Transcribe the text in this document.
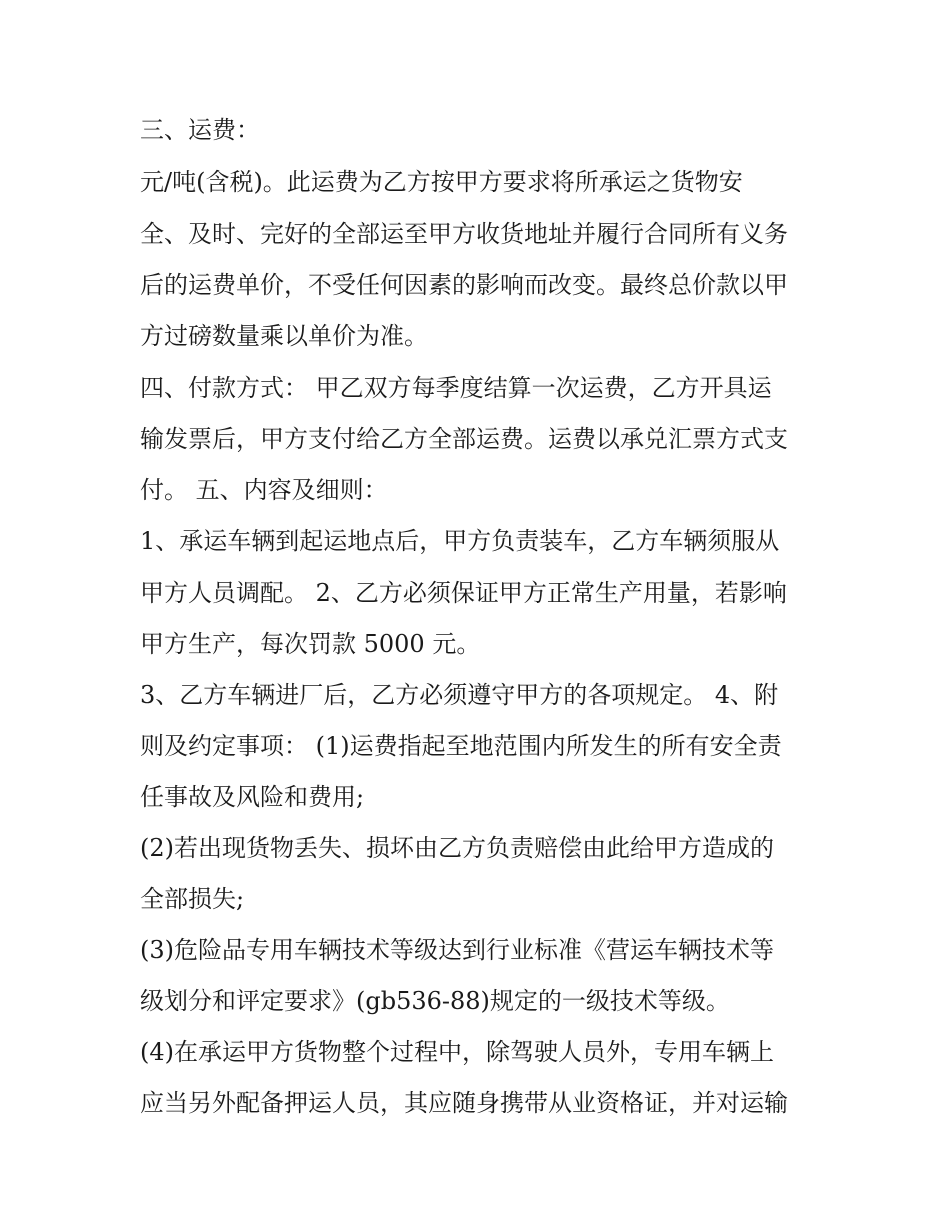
三、运费：
元/吨(含税)。此运费为乙方按甲方要求将所承运之货物安
全、及时、完好的全部运至甲方收货地址并履行合同所有义务
后的运费单价，不受任何因素的影响而改变。最终总价款以甲
方过磅数量乘以单价为准。
四、付款方式： 甲乙双方每季度结算一次运费，乙方开具运
输发票后，甲方支付给乙方全部运费。运费以承兑汇票方式支
付。 五、内容及细则：
1、承运车辆到起运地点后，甲方负责装车，乙方车辆须服从
甲方人员调配。 2、乙方必须保证甲方正常生产用量，若影响
甲方生产，每次罚款 5000 元。
3、乙方车辆进厂后，乙方必须遵守甲方的各项规定。 4、附
则及约定事项： (1)运费指起至地范围内所发生的所有安全责
任事故及风险和费用;
(2)若出现货物丢失、损坏由乙方负责赔偿由此给甲方造成的
全部损失;
(3)危险品专用车辆技术等级达到行业标准《营运车辆技术等
级划分和评定要求》(gb536-88)规定的一级技术等级。
(4)在承运甲方货物整个过程中，除驾驶人员外，专用车辆上
应当另外配备押运人员，其应随身携带从业资格证，并对运输
